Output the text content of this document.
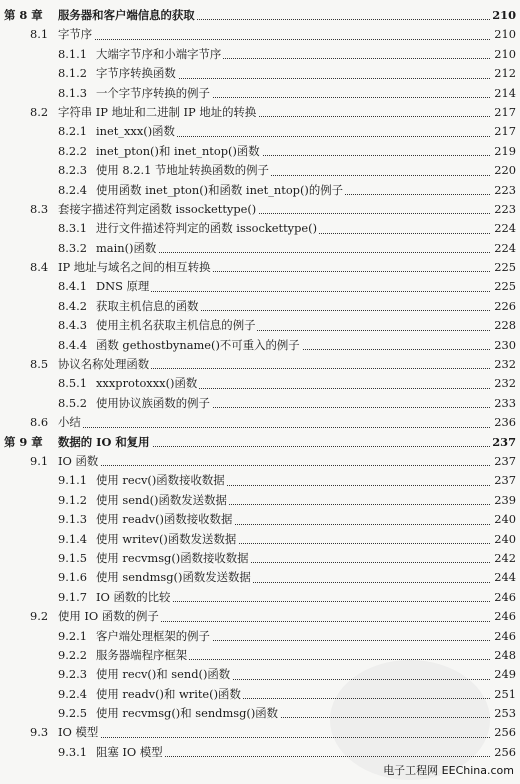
第 8 章 服务器和客户端信息的获取	210
8.1 字节序	210
8.1.1 大端字节序和小端字节序	210
8.1.2 字节序转换函数	212
8.1.3 一个字节序转换的例子	214
8.2 字符串 IP 地址和二进制 IP 地址的转换	217
8.2.1 inet_xxx()函数	217
8.2.2 inet_pton()和 inet_ntop()函数	219
8.2.3 使用 8.2.1 节地址转换函数的例子	220
8.2.4 使用函数 inet_pton()和函数 inet_ntop()的例子	223
8.3 套接字描述符判定函数 issockettype()	223
8.3.1 进行文件描述符判定的函数 issockettype()	224
8.3.2 main()函数	224
8.4 IP 地址与域名之间的相互转换	225
8.4.1 DNS 原理	225
8.4.2 获取主机信息的函数	226
8.4.3 使用主机名获取主机信息的例子	228
8.4.4 函数 gethostbyname()不可重入的例子	230
8.5 协议名称处理函数	232
8.5.1 xxxprotoxxx()函数	232
8.5.2 使用协议族函数的例子	233
8.6 小结	236
第 9 章 数据的 IO 和复用	237
9.1 IO 函数	237
9.1.1 使用 recv()函数接收数据	237
9.1.2 使用 send()函数发送数据	239
9.1.3 使用 readv()函数接收数据	240
9.1.4 使用 writev()函数发送数据	240
9.1.5 使用 recvmsg()函数接收数据	242
9.1.6 使用 sendmsg()函数发送数据	244
9.1.7 IO 函数的比较	246
9.2 使用 IO 函数的例子	246
9.2.1 客户端处理框架的例子	246
9.2.2 服务器端程序框架	248
9.2.3 使用 recv()和 send()函数	249
9.2.4 使用 readv()和 write()函数	251
9.2.5 使用 recvmsg()和 sendmsg()函数	253
9.3 IO 模型	256
9.3.1 阻塞 IO 模型	256
电子工程网 EEChina.com
